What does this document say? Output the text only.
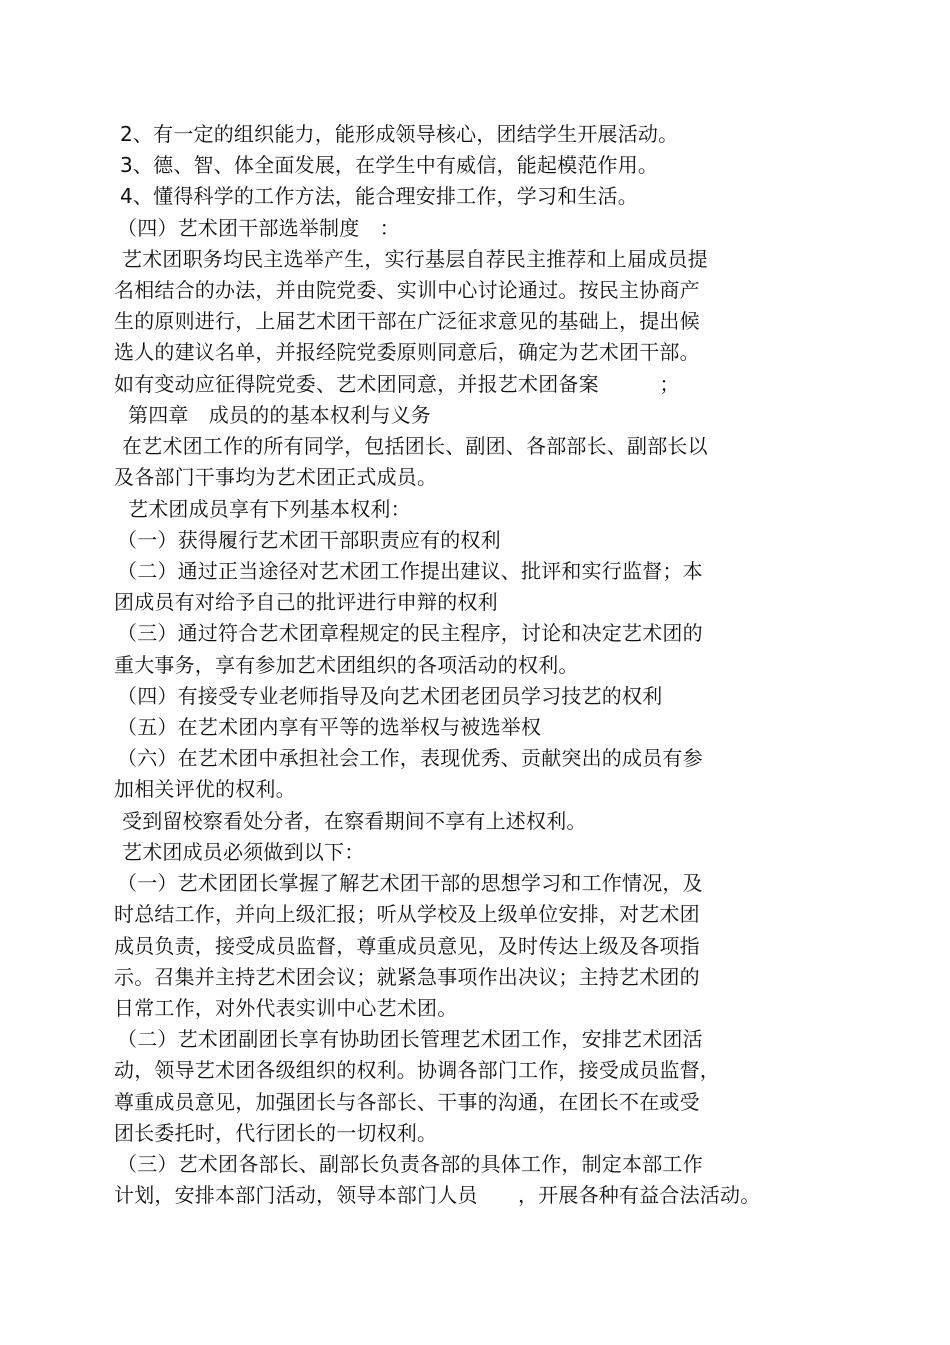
2、有一定的组织能力，能形成领导核心，团结学生开展活动。
3、德、智、体全面发展，在学生中有威信，能起模范作用。
4、懂得科学的工作方法，能合理安排工作，学习和生活。
（四）艺术团干部选举制度　：
艺术团职务均民主选举产生，实行基层自荐民主推荐和上届成员提
名相结合的办法，并由院党委、实训中心讨论通过。按民主协商产
生的原则进行，上届艺术团干部在广泛征求意见的基础上，提出候
选人的建议名单，并报经院党委原则同意后，确定为艺术团干部。
如有变动应征得院党委、艺术团同意，并报艺术团备案　　　；
第四章　成员的的基本权利与义务
在艺术团工作的所有同学，包括团长、副团、各部部长、副部长以
及各部门干事均为艺术团正式成员。
艺术团成员享有下列基本权利：
（一）获得履行艺术团干部职责应有的权利
（二）通过正当途径对艺术团工作提出建议、批评和实行监督；本
团成员有对给予自己的批评进行申辩的权利
（三）通过符合艺术团章程规定的民主程序，讨论和决定艺术团的
重大事务，享有参加艺术团组织的各项活动的权利。
（四）有接受专业老师指导及向艺术团老团员学习技艺的权利
（五）在艺术团内享有平等的选举权与被选举权
（六）在艺术团中承担社会工作，表现优秀、贡献突出的成员有参
加相关评优的权利。
受到留校察看处分者，在察看期间不享有上述权利。
艺术团成员必须做到以下：
（一）艺术团团长掌握了解艺术团干部的思想学习和工作情况，及
时总结工作，并向上级汇报；听从学校及上级单位安排，对艺术团
成员负责，接受成员监督，尊重成员意见，及时传达上级及各项指
示。召集并主持艺术团会议；就紧急事项作出决议；主持艺术团的
日常工作，对外代表实训中心艺术团。
（二）艺术团副团长享有协助团长管理艺术团工作，安排艺术团活
动，领导艺术团各级组织的权利。协调各部门工作，接受成员监督，
尊重成员意见，加强团长与各部长、干事的沟通，在团长不在或受
团长委托时，代行团长的一切权利。
（三）艺术团各部长、副部长负责各部的具体工作，制定本部工作
计划，安排本部门活动，领导本部门人员　　，开展各种有益合法活动。
